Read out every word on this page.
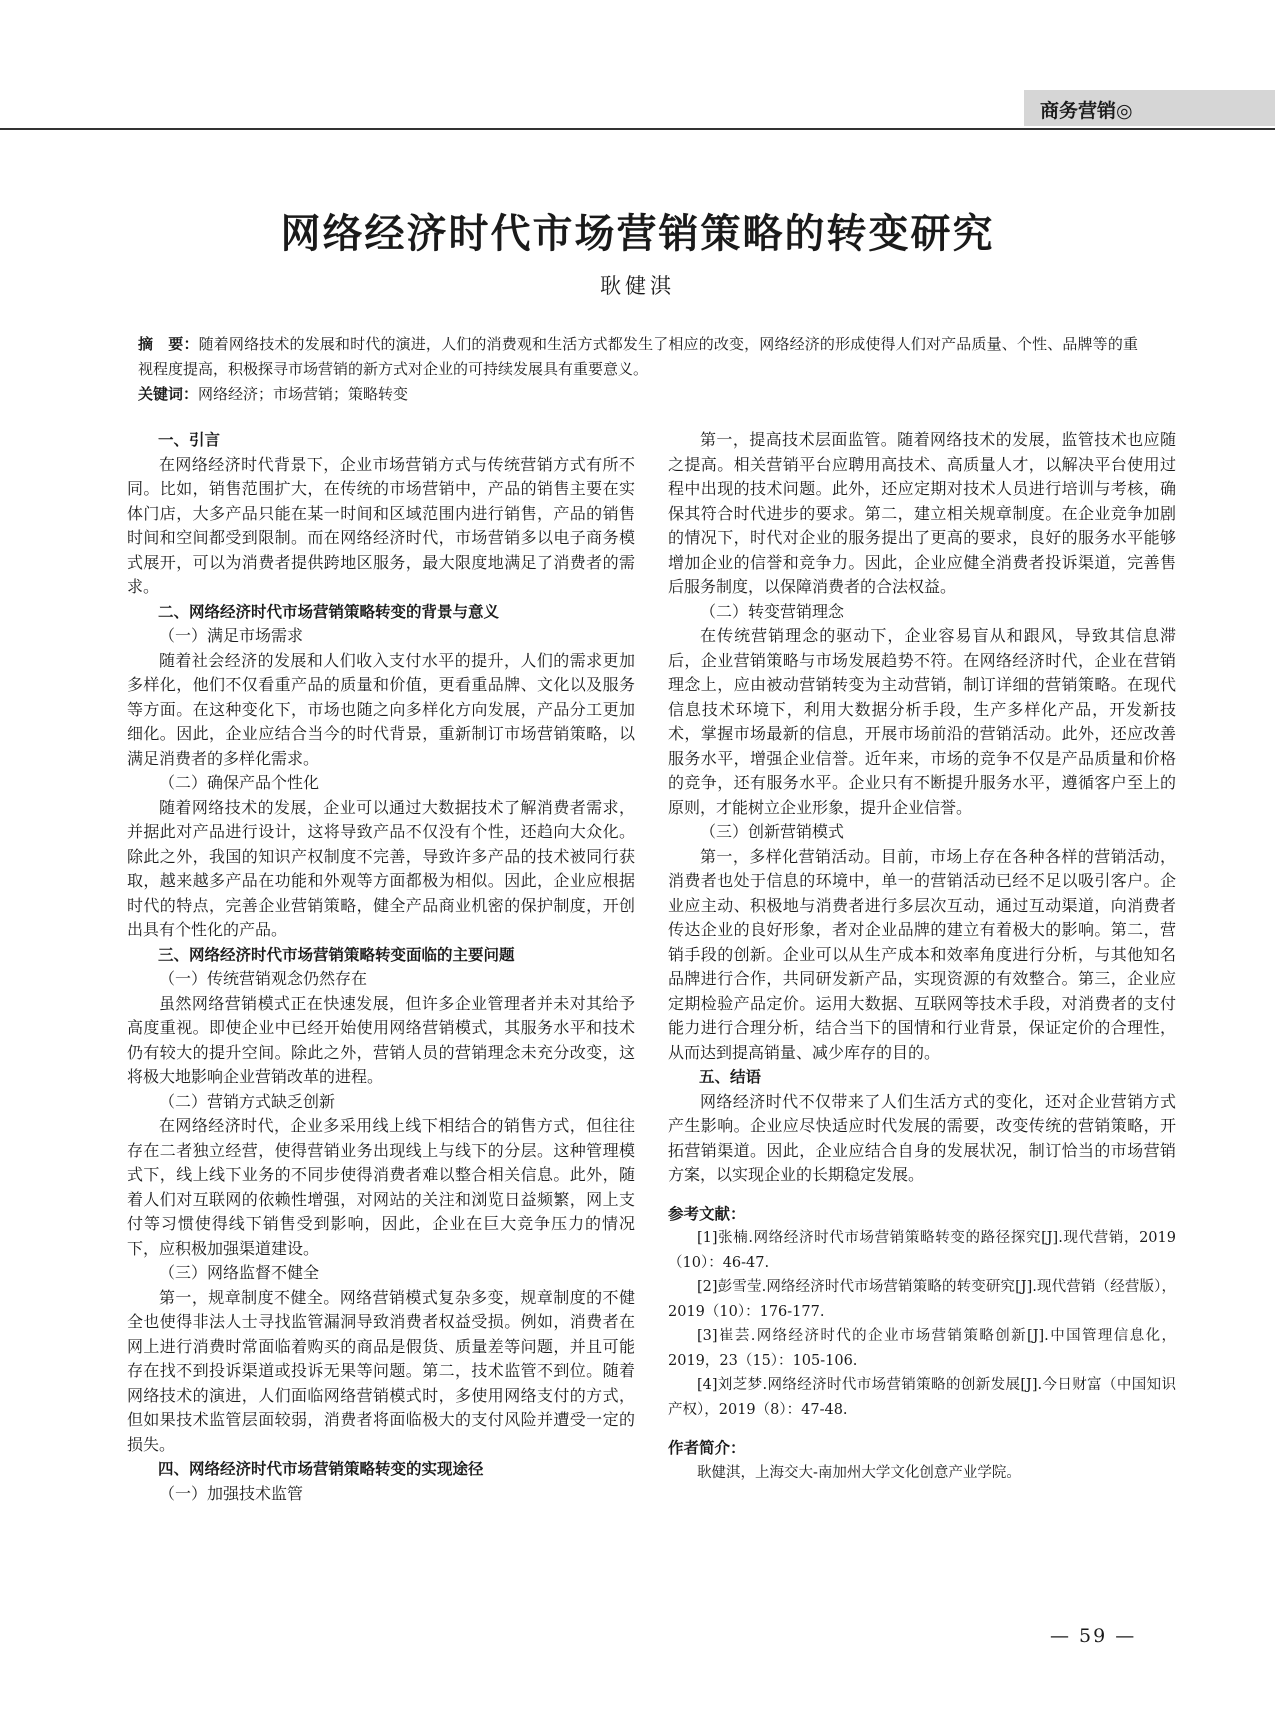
商务营销◎
网络经济时代市场营销策略的转变研究
耿健淇
摘　要：随着网络技术的发展和时代的演进，人们的消费观和生活方式都发生了相应的改变，网络经济的形成使得人们对产品质量、个性、品牌等的重视程度提高，积极探寻市场营销的新方式对企业的可持续发展具有重要意义。
关键词：网络经济；市场营销；策略转变
一、引言

在网络经济时代背景下，企业市场营销方式与传统营销方式有所不同。比如，销售范围扩大，在传统的市场营销中，产品的销售主要在实体门店，大多产品只能在某一时间和区域范围内进行销售，产品的销售时间和空间都受到限制。而在网络经济时代，市场营销多以电子商务模式展开，可以为消费者提供跨地区服务，最大限度地满足了消费者的需求。

二、网络经济时代市场营销策略转变的背景与意义
（一）满足市场需求

随着社会经济的发展和人们收入支付水平的提升，人们的需求更加多样化，他们不仅看重产品的质量和价值，更看重品牌、文化以及服务等方面。在这种变化下，市场也随之向多样化方向发展，产品分工更加细化。因此，企业应结合当今的时代背景，重新制订市场营销策略，以满足消费者的多样化需求。

（二）确保产品个性化

随着网络技术的发展，企业可以通过大数据技术了解消费者需求，并据此对产品进行设计，这将导致产品不仅没有个性，还趋向大众化。除此之外，我国的知识产权制度不完善，导致许多产品的技术被同行获取，越来越多产品在功能和外观等方面都极为相似。因此，企业应根据时代的特点，完善企业营销策略，健全产品商业机密的保护制度，开创出具有个性化的产品。

三、网络经济时代市场营销策略转变面临的主要问题
（一）传统营销观念仍然存在

虽然网络营销模式正在快速发展，但许多企业管理者并未对其给予高度重视。即使企业中已经开始使用网络营销模式，其服务水平和技术仍有较大的提升空间。除此之外，营销人员的营销理念未充分改变，这将极大地影响企业营销改革的进程。

（二）营销方式缺乏创新

在网络经济时代，企业多采用线上线下相结合的销售方式，但往往存在二者独立经营，使得营销业务出现线上与线下的分层。这种管理模式下，线上线下业务的不同步使得消费者难以整合相关信息。此外，随着人们对互联网的依赖性增强，对网站的关注和浏览日益频繁，网上支付等习惯使得线下销售受到影响，因此，企业在巨大竞争压力的情况下，应积极加强渠道建设。

（三）网络监督不健全

第一，规章制度不健全。网络营销模式复杂多变，规章制度的不健全也使得非法人士寻找监管漏洞导致消费者权益受损。例如，消费者在网上进行消费时常面临着购买的商品是假货、质量差等问题，并且可能存在找不到投诉渠道或投诉无果等问题。第二，技术监管不到位。随着网络技术的演进，人们面临网络营销模式时，多使用网络支付的方式，但如果技术监管层面较弱，消费者将面临极大的支付风险并遭受一定的损失。

四、网络经济时代市场营销策略转变的实现途径
（一）加强技术监管

第一，提高技术层面监管。随着网络技术的发展，监管技术也应随之提高。相关营销平台应聘用高技术、高质量人才，以解决平台使用过程中出现的技术问题。此外，还应定期对技术人员进行培训与考核，确保其符合时代进步的要求。第二，建立相关规章制度。在企业竞争加剧的情况下，时代对企业的服务提出了更高的要求，良好的服务水平能够增加企业的信誉和竞争力。因此，企业应健全消费者投诉渠道，完善售后服务制度，以保障消费者的合法权益。

（二）转变营销理念

在传统营销理念的驱动下，企业容易盲从和跟风，导致其信息滞后，企业营销策略与市场发展趋势不符。在网络经济时代，企业在营销理念上，应由被动营销转变为主动营销，制订详细的营销策略。在现代信息技术环境下，利用大数据分析手段，生产多样化产品，开发新技术，掌握市场最新的信息，开展市场前沿的营销活动。此外，还应改善服务水平，增强企业信誉。近年来，市场的竞争不仅是产品质量和价格的竞争，还有服务水平。企业只有不断提升服务水平，遵循客户至上的原则，才能树立企业形象，提升企业信誉。

（三）创新营销模式

第一，多样化营销活动。目前，市场上存在各种各样的营销活动，消费者也处于信息的环境中，单一的营销活动已经不足以吸引客户。企业应主动、积极地与消费者进行多层次互动，通过互动渠道，向消费者传达企业的良好形象，者对企业品牌的建立有着极大的影响。第二，营销手段的创新。企业可以从生产成本和效率角度进行分析，与其他知名品牌进行合作，共同研发新产品，实现资源的有效整合。第三，企业应定期检验产品定价。运用大数据、互联网等技术手段，对消费者的支付能力进行合理分析，结合当下的国情和行业背景，保证定价的合理性，从而达到提高销量、减少库存的目的。

五、结语

网络经济时代不仅带来了人们生活方式的变化，还对企业营销方式产生影响。企业应尽快适应时代发展的需要，改变传统的营销策略，开拓营销渠道。因此，企业应结合自身的发展状况，制订恰当的市场营销方案，以实现企业的长期稳定发展。

参考文献：

[1]张楠.网络经济时代市场营销策略转变的路径探究[J].现代营销，2019（10）：46-47.

[2]彭雪莹.网络经济时代市场营销策略的转变研究[J].现代营销（经营版），2019（10）：176-177.

[3]崔芸.网络经济时代的企业市场营销策略创新[J].中国管理信息化，2019，23（15）：105-106.

[4]刘芝梦.网络经济时代市场营销策略的创新发展[J].今日财富（中国知识产权），2019（8）：47-48.

作者简介：

耿健淇，上海交大-南加州大学文化创意产业学院。

— 59 —
